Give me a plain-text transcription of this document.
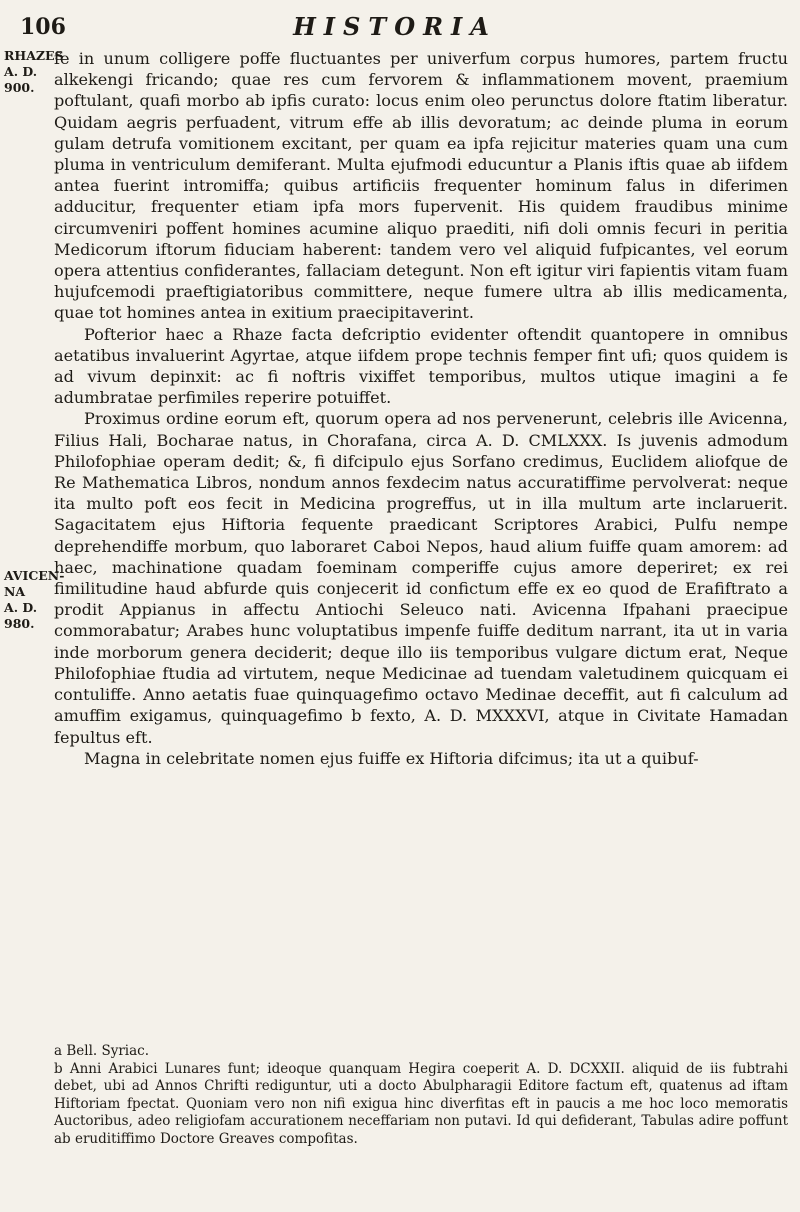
106	HISTORIA
RHAZES
A. D.
900.
AVICEN-NA
A. D.
980.

fe in unum colligere poffe fluctuantes per univerfum corpus humores, partem fructu alkekengi fricando; quae res cum fervorem & inflammationem movent, praemium poftulant, quafi morbo ab ipfis curato: locus enim oleo perunctus dolore ftatim liberatur. Quidam aegris perfuadent, vitrum effe ab illis devoratum; ac deinde pluma in eorum gulam detrufa vomitionem excitant, per quam ea ipfa rejicitur materies quam una cum pluma in ventriculum demiferant. Multa ejufmodi educuntur a Planis iftis quae ab iifdem antea fuerint intromiffa; quibus artificiis frequenter hominum falus in diferimen adducitur, frequenter etiam ipfa mors fupervenit. His quidem fraudibus minime circumveniri poffent homines acumine aliquo praediti, nifi doli omnis fecuri in peritia Medicorum iftorum fiduciam haberent: tandem vero vel aliquid fufpicantes, vel eorum opera attentius confiderantes, fallaciam detegunt. Non eft igitur viri fapientis vitam fuam hujufcemodi praeftigiatoribus committere, neque fumere ultra ab illis medicamenta, quae tot homines antea in exitium praecipitaverint.

Pofterior haec a Rhaze facta defcriptio evidenter oftendit quantopere in omnibus aetatibus invaluerint Agyrtae, atque iifdem prope technis femper fint ufi; quos quidem is ad vivum depinxit: ac fi noftris vixiffet temporibus, multos utique imagini a fe adumbratae perfimiles reperire potuiffet.

Proximus ordine eorum eft, quorum opera ad nos pervenerunt, celebris ille Avicenna, Filius Hali, Bocharae natus, in Chorafana, circa A. D. CMLXXX. Is juvenis admodum Philofophiae operam dedit; &, fi difcipulo ejus Sorfano credimus, Euclidem aliofque de Re Mathematica Libros, nondum annos fexdecim natus accuratiffime pervolverat: neque ita multo poft eos fecit in Medicina progreffus, ut in illa multum arte inclaruerit. Sagacitatem ejus Hiftoria fequente praedicant Scriptores Arabici, Pulfu nempe deprehendiffe morbum, quo laboraret Caboi Nepos, haud alium fuiffe quam amorem: ad haec, machinatione quadam foeminam comperiffe cujus amore deperiret; ex rei fimilitudine haud abfurde quis conjecerit id confictum effe ex eo quod de Erafiftrato a prodit Appianus in affectu Antiochi Seleuco nati. Avicenna Ifpahani praecipue commorabatur; Arabes hunc voluptatibus impenfe fuiffe deditum narrant, ita ut in varia inde morborum genera deciderit; deque illo iis temporibus vulgare dictum erat, Neque Philofophiae ftudia ad virtutem, neque Medicinae ad tuendam valetudinem quicquam ei contuliffe. Anno aetatis fuae quinquagefimo octavo Medinae deceffit, aut fi calculum ad amuffim exigamus, quinquagefimo b fexto, A. D. MXXXVI, atque in Civitate Hamadan fepultus eft.

Magna in celebritate nomen ejus fuiffe ex Hiftoria difcimus; ita ut a quibuf-

a Bell. Syriac.

b Anni Arabici Lunares funt; ideoque quanquam Hegira coeperit A. D. DCXXII. aliquid de iis fubtrahi debet, ubi ad Annos Chrifti rediguntur, uti a docto Abulpharagii Editore factum eft, quatenus ad iftam Hiftoriam fpectat. Quoniam vero non nifi exigua hinc diverfitas eft in paucis a me hoc loco memoratis Auctoribus, adeo religiofam accurationem neceffariam non putavi. Id qui defiderant, Tabulas adire poffunt ab eruditiffimo Doctore Greaves compofitas.
